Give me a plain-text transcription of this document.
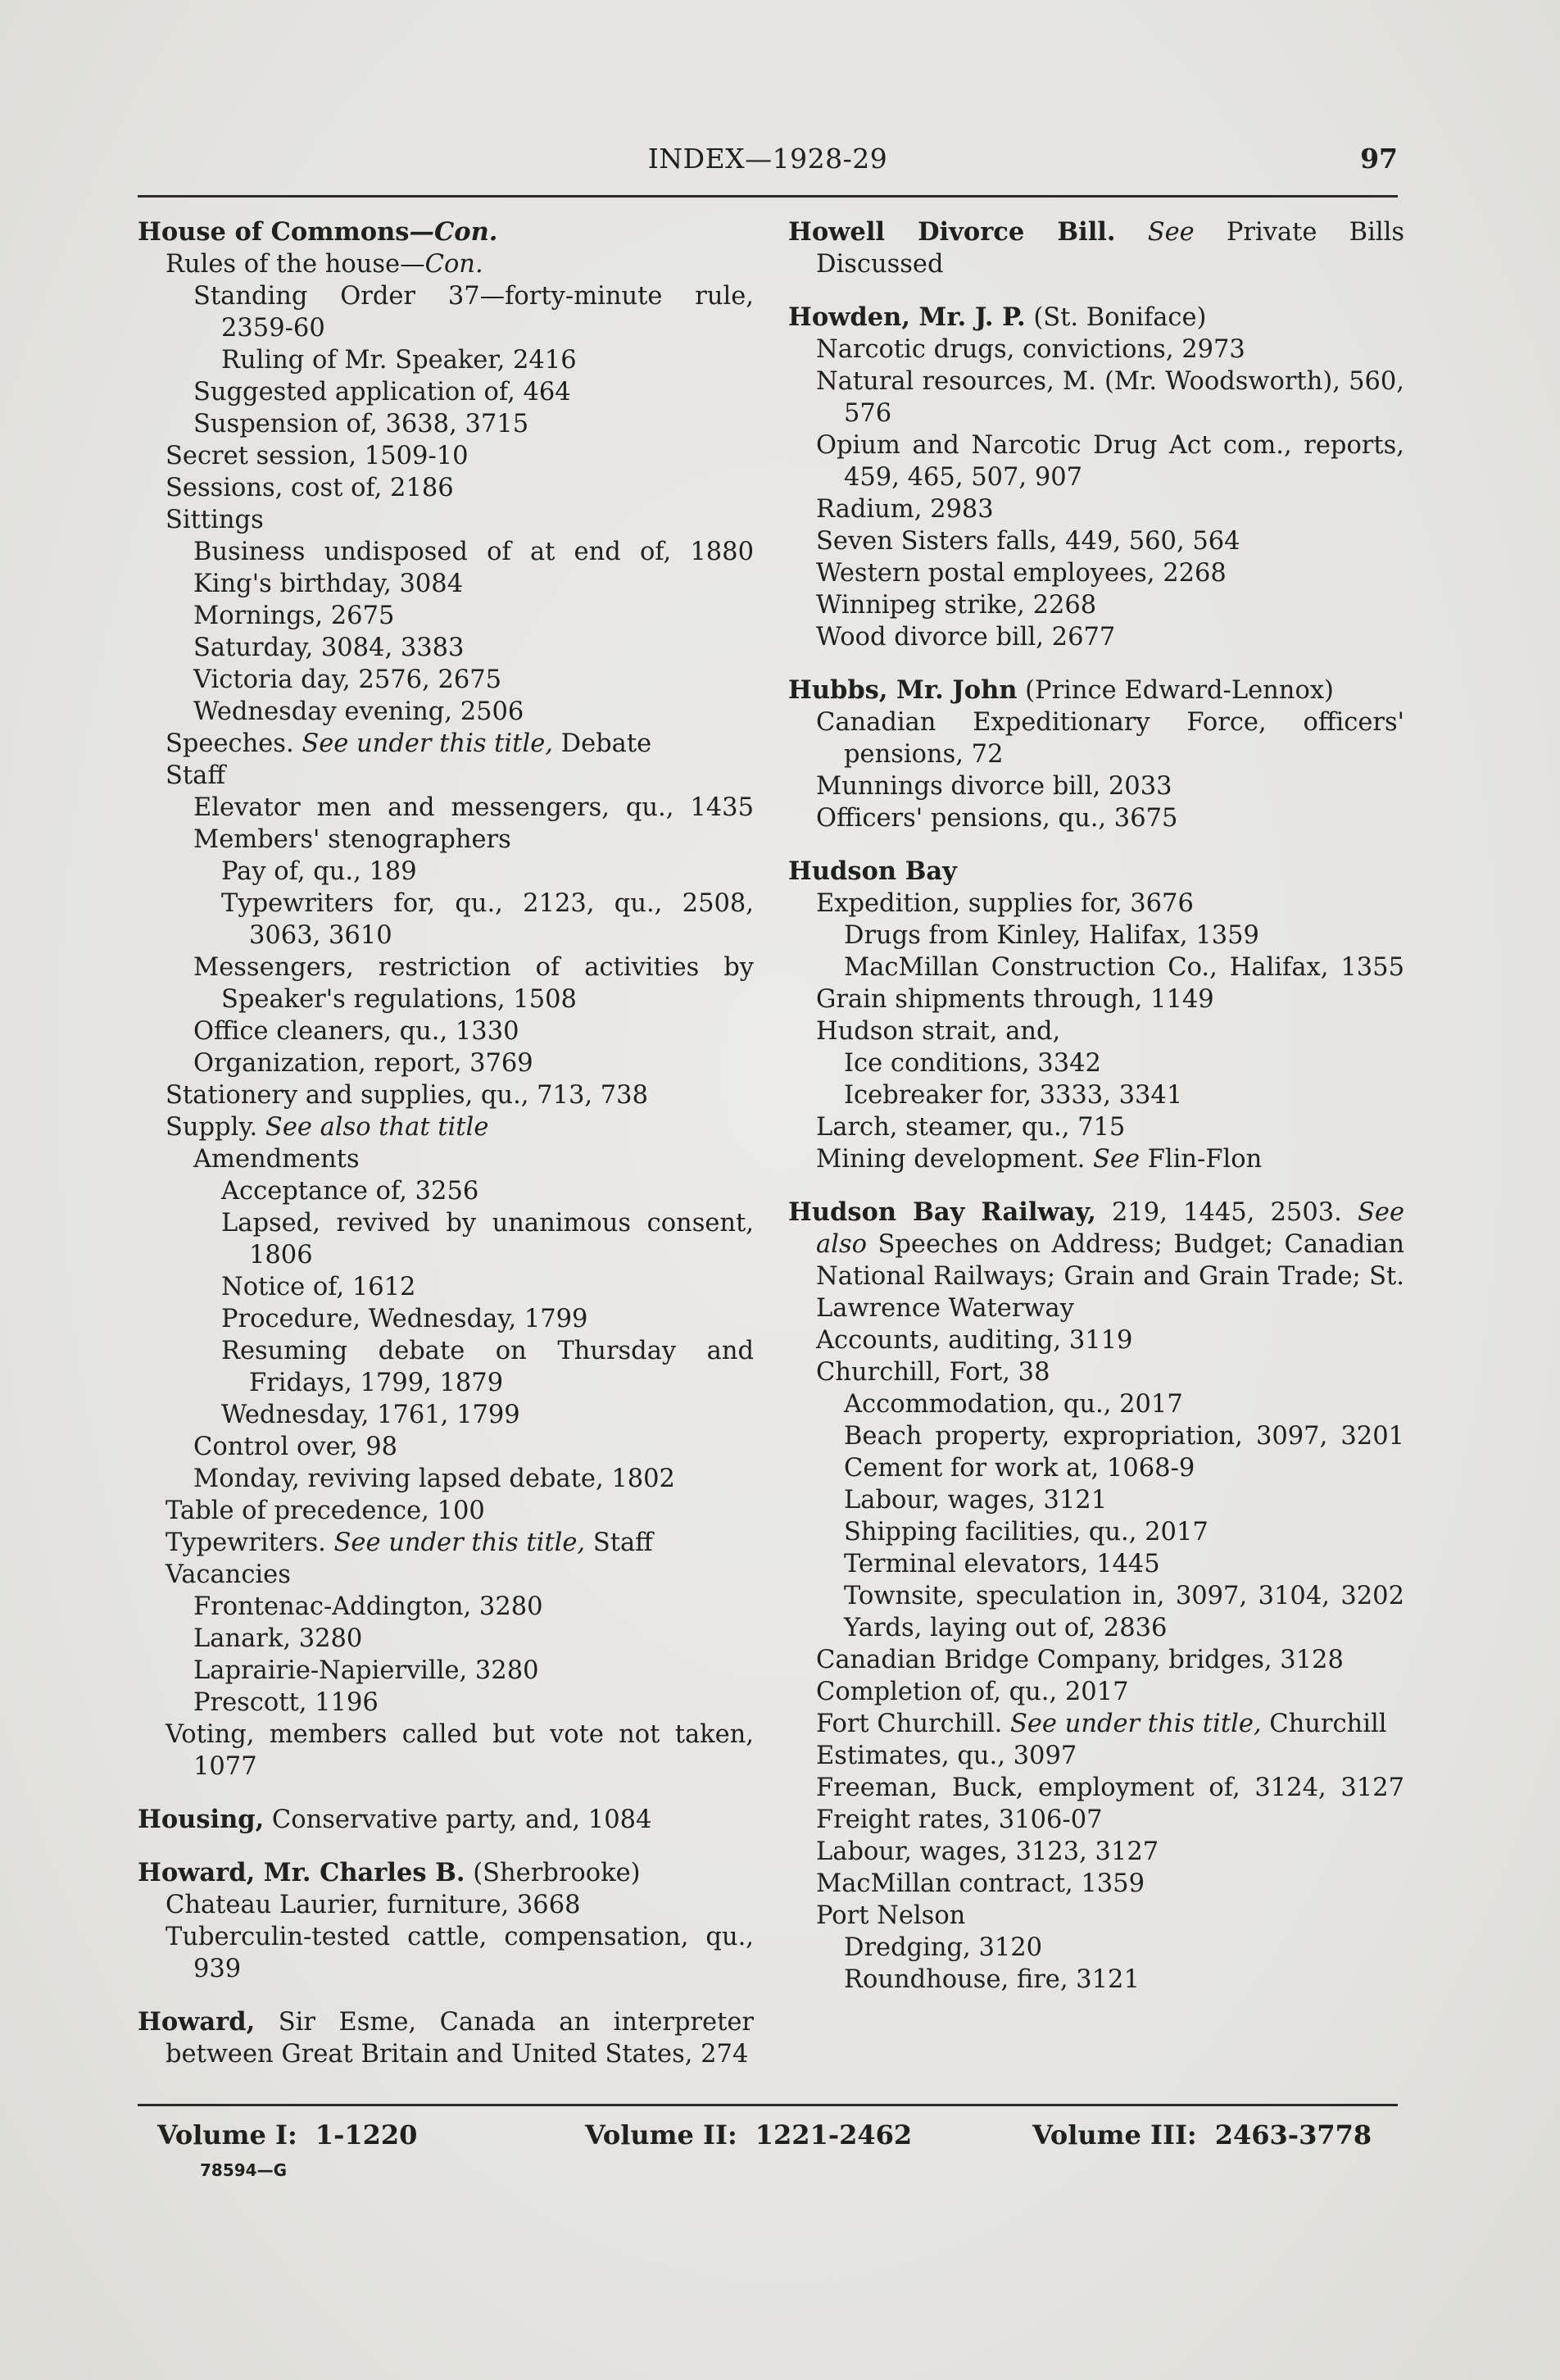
INDEX—1928-29	97
House of Commons—Con.
Rules of the house—Con.
Standing Order 37—forty-minute rule, 2359-60
Ruling of Mr. Speaker, 2416
Suggested application of, 464
Suspension of, 3638, 3715
Secret session, 1509-10
Sessions, cost of, 2186
Sittings
Business undisposed of at end of, 1880
King's birthday, 3084
Mornings, 2675
Saturday, 3084, 3383
Victoria day, 2576, 2675
Wednesday evening, 2506
Speeches. See under this title, Debate
Staff
Elevator men and messengers, qu., 1435
Members' stenographers
Pay of, qu., 189
Typewriters for, qu., 2123, qu., 2508, 3063, 3610
Messengers, restriction of activities by Speaker's regulations, 1508
Office cleaners, qu., 1330
Organization, report, 3769
Stationery and supplies, qu., 713, 738
Supply. See also that title
Amendments
Acceptance of, 3256
Lapsed, revived by unanimous consent, 1806
Notice of, 1612
Procedure, Wednesday, 1799
Resuming debate on Thursday and Fridays, 1799, 1879
Wednesday, 1761, 1799
Control over, 98
Monday, reviving lapsed debate, 1802
Table of precedence, 100
Typewriters. See under this title, Staff
Vacancies
Frontenac-Addington, 3280
Lanark, 3280
Laprairie-Napierville, 3280
Prescott, 1196
Voting, members called but vote not taken, 1077
Housing, Conservative party, and, 1084
Howard, Mr. Charles B. (Sherbrooke)
Chateau Laurier, furniture, 3668
Tuberculin-tested cattle, compensation, qu., 939
Howard, Sir Esme, Canada an interpreter between Great Britain and United States, 274
Howell Divorce Bill. See Private Bills Discussed
Howden, Mr. J. P. (St. Boniface)
Narcotic drugs, convictions, 2973
Natural resources, M. (Mr. Woodsworth), 560, 576
Opium and Narcotic Drug Act com., reports, 459, 465, 507, 907
Radium, 2983
Seven Sisters falls, 449, 560, 564
Western postal employees, 2268
Winnipeg strike, 2268
Wood divorce bill, 2677
Hubbs, Mr. John (Prince Edward-Lennox)
Canadian Expeditionary Force, officers' pensions, 72
Munnings divorce bill, 2033
Officers' pensions, qu., 3675
Hudson Bay
Expedition, supplies for, 3676
Drugs from Kinley, Halifax, 1359
MacMillan Construction Co., Halifax, 1355
Grain shipments through, 1149
Hudson strait, and,
Ice conditions, 3342
Icebreaker for, 3333, 3341
Larch, steamer, qu., 715
Mining development. See Flin-Flon
Hudson Bay Railway, 219, 1445, 2503. See also Speeches on Address; Budget; Canadian National Railways; Grain and Grain Trade; St. Lawrence Waterway
Accounts, auditing, 3119
Churchill, Fort, 38
Accommodation, qu., 2017
Beach property, expropriation, 3097, 3201
Cement for work at, 1068-9
Labour, wages, 3121
Shipping facilities, qu., 2017
Terminal elevators, 1445
Townsite, speculation in, 3097, 3104, 3202
Yards, laying out of, 2836
Canadian Bridge Company, bridges, 3128
Completion of, qu., 2017
Fort Churchill. See under this title, Churchill
Estimates, qu., 3097
Freeman, Buck, employment of, 3124, 3127
Freight rates, 3106-07
Labour, wages, 3123, 3127
MacMillan contract, 1359
Port Nelson
Dredging, 3120
Roundhouse, fire, 3121
Volume I: 1-1220	Volume II: 1221-2462	Volume III: 2463-3778
78594—G
